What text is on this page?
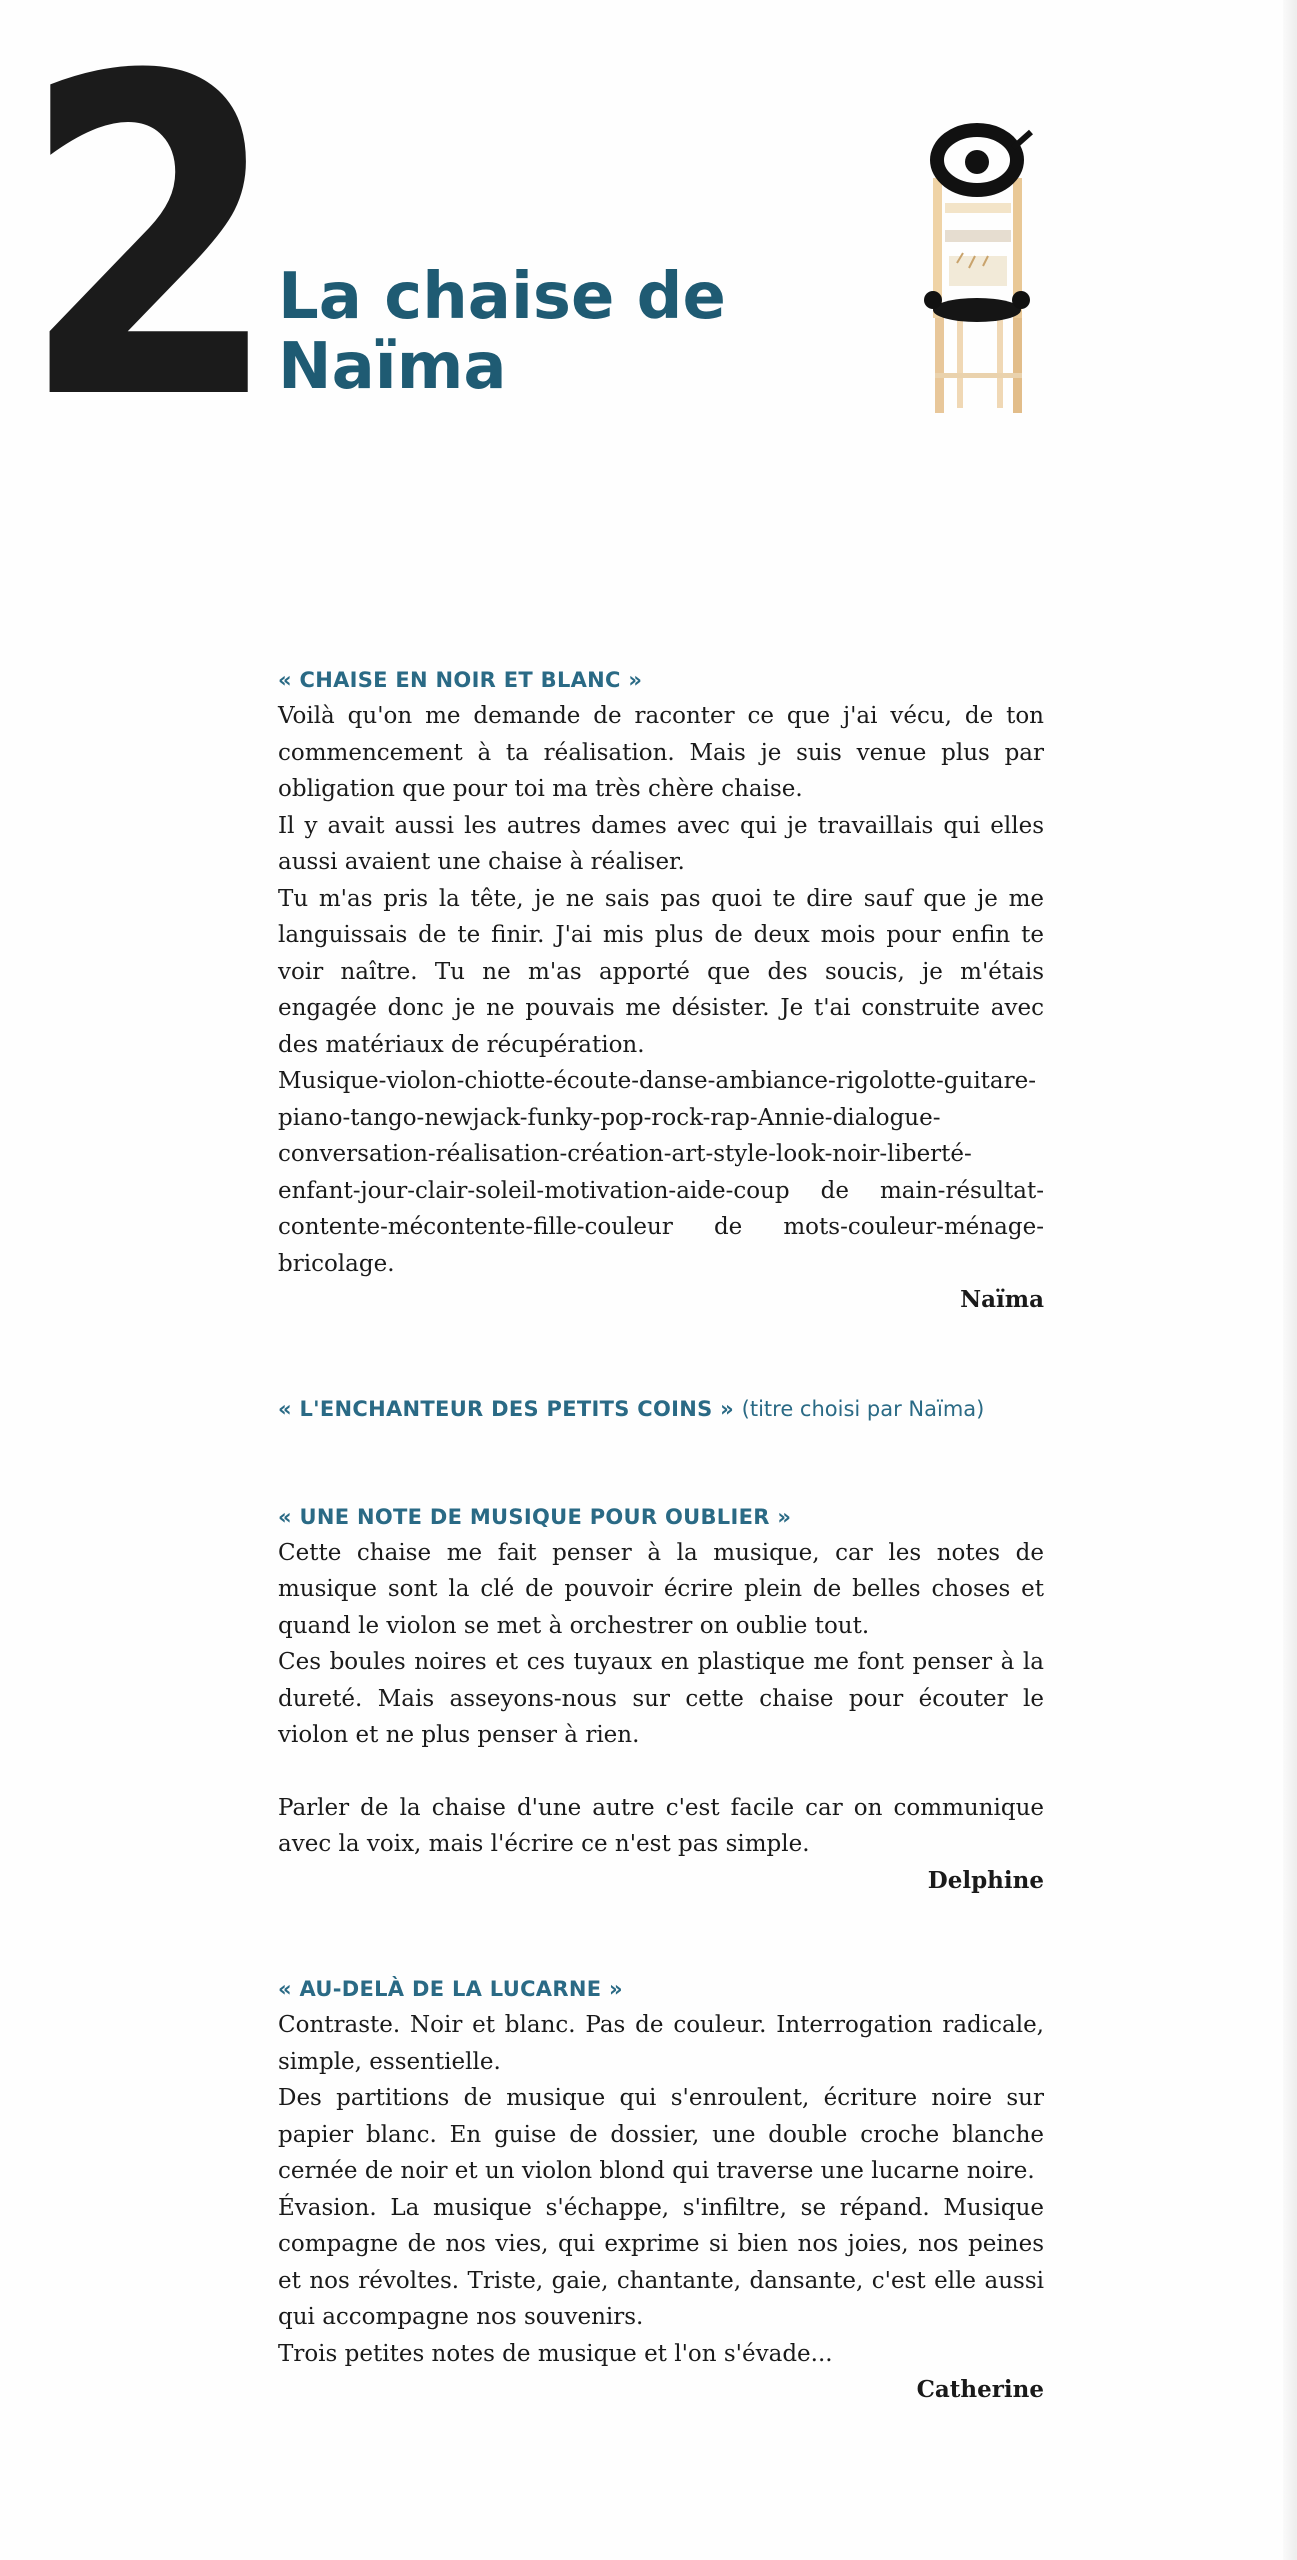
2 La chaise de
Naïma
« CHAISE EN NOIR ET BLANC »

Voilà qu'on me demande de raconter ce que j'ai vécu, de ton commencement à ta réalisation. Mais je suis venue plus par obligation que pour toi ma très chère chaise.

Il y avait aussi les autres dames avec qui je travaillais qui elles aussi avaient une chaise à réaliser.

Tu m'as pris la tête, je ne sais pas quoi te dire sauf que je me languissais de te finir. J'ai mis plus de deux mois pour enfin te voir naître. Tu ne m'as apporté que des soucis, je m'étais engagée donc je ne pouvais me désister. Je t'ai construite avec des matériaux de récupération.

Musique-violon-chiotte-écoute-danse-ambiance-rigolotte-guitare-piano-tango-newjack-funky-pop-rock-rap-Annie-dialogue-conversation-réalisation-création-art-style-look-noir-liberté-enfant-jour-clair-soleil-motivation-aide-coup de main-résultat-contente-mécontente-fille-couleur de mots-couleur-ménage-bricolage.

Naïma

« L'ENCHANTEUR DES PETITS COINS » (titre choisi par Naïma)
« UNE NOTE DE MUSIQUE POUR OUBLIER »

Cette chaise me fait penser à la musique, car les notes de musique sont la clé de pouvoir écrire plein de belles choses et quand le violon se met à orchestrer on oublie tout.

Ces boules noires et ces tuyaux en plastique me font penser à la dureté. Mais asseyons-nous sur cette chaise pour écouter le violon et ne plus penser à rien.

Parler de la chaise d'une autre c'est facile car on communique avec la voix, mais l'écrire ce n'est pas simple.

Delphine

« AU-DELÀ DE LA LUCARNE »

Contraste. Noir et blanc. Pas de couleur. Interrogation radicale, simple, essentielle.

Des partitions de musique qui s'enroulent, écriture noire sur papier blanc. En guise de dossier, une double croche blanche cernée de noir et un violon blond qui traverse une lucarne noire.

Évasion. La musique s'échappe, s'infiltre, se répand. Musique compagne de nos vies, qui exprime si bien nos joies, nos peines et nos révoltes. Triste, gaie, chantante, dansante, c'est elle aussi qui accompagne nos souvenirs.

Trois petites notes de musique et l'on s'évade...

Catherine
